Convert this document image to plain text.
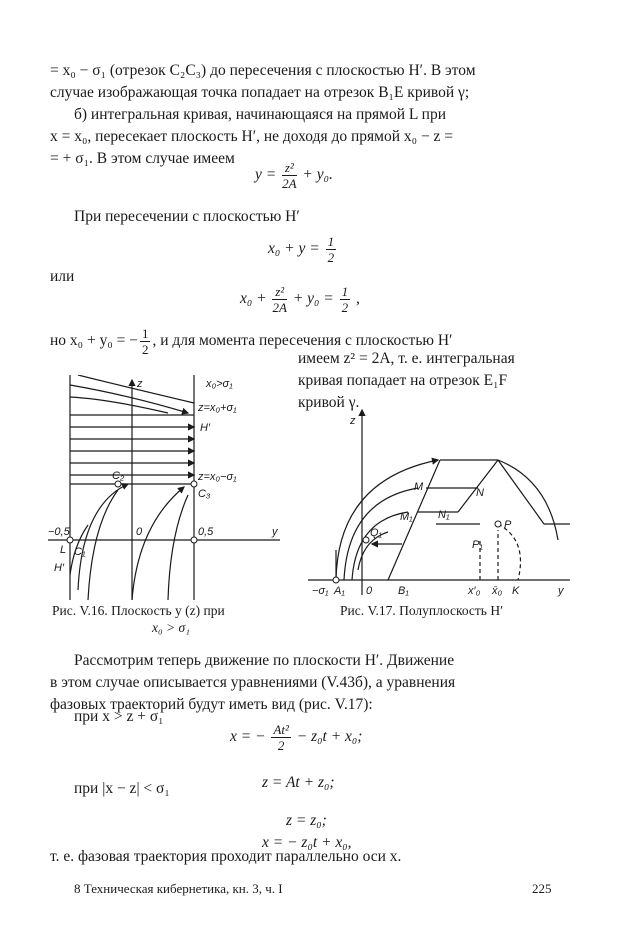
= x₀ − σ₁ (отрезок C₂C₃) до пересечения с плоскостью H′. В этом

случае изображающая точка попадает на отрезок B₁E кривой γ;

б) интегральная кривая, начинающаяся на прямой L при

x = x₀, пересекает плоскость H′, не доходя до прямой x₀ − z =

= + σ₁. В этом случае имеем

$y = \frac{\text{z²}}{2A} + y_0$.

При пересечении с плоскостью H′

$x_0 + y = \frac{1}{2}$

или

$x_0 + \frac{\text{z²}}{2A} + y_0 = \frac{1}{2}$ ,
но x₀ + y₀ = − $\frac{1}{2}$ , и для момента пересечения с плоскостью H′

имеем z² = 2A, т. е. интегральная

кривая попадает на отрезок E₁F

кривой γ.

z	x₀>σ₁
z=x₀+σ₁
H′
z=x₀−σ₁
C₂
C₃
−0,5	0	0,5	y
L C₁
H′
z
M	N
M₁ N₁
P
P₁
Q₁
−σ₁ A₁ 0 B₁	x′₀ x̄₀ K	y
Рис. V.16. Плоскость y (z) при
x₀ > σ₁
Рис. V.17. Полуплоскость H′

Рассмотрим теперь движение по плоскости H′. Движение

в этом случае описывается уравнениями (V.43б), а уравнения

фазовых траекторий будут иметь вид (рис. V.17):

при x > z + σ₁

x = − $\frac{\text{At²}}{2} - z_0t + x_0$;

z = At + z₀;

при |x − z| < σ₁

z = z₀;

x = − z₀t + x₀,

т. е. фазовая траектория проходит параллельно оси x.

8 Техническая кибернетика, кн. 3, ч. I	225
